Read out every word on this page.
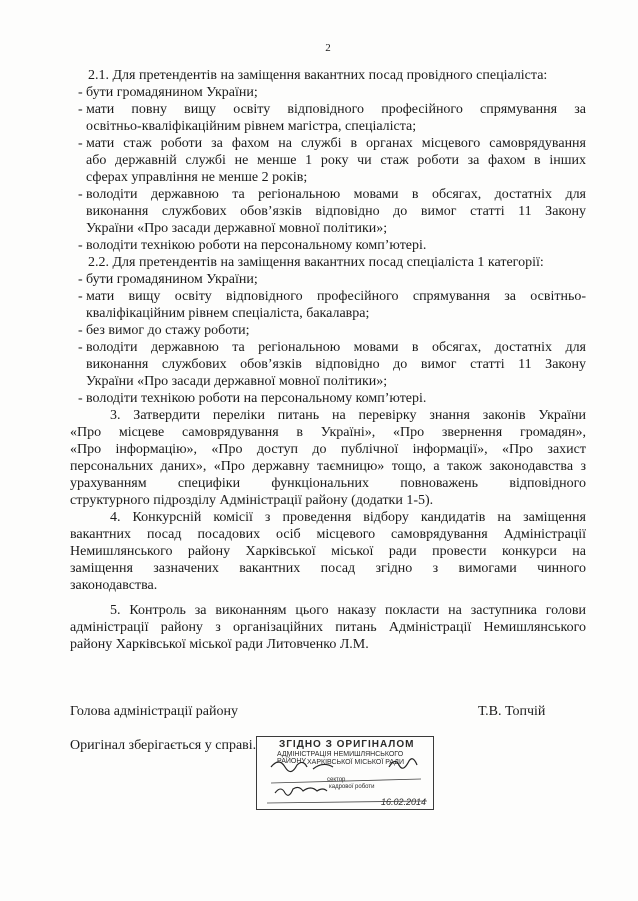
2
2.1. Для претендентів на заміщення вакантних посад провідного спеціаліста:
- бути громадянином України;
- мати повну вищу освіту відповідного професійного спрямування за
освітньо-кваліфікаційним рівнем магістра, спеціаліста;
- мати стаж роботи за фахом на службі в органах місцевого самоврядування
або державній службі не менше 1 року чи стаж роботи за фахом в інших
сферах управління не менше 2 років;
- володіти державною та регіональною мовами в обсягах, достатніх для
виконання службових обов’язків відповідно до вимог статті 11 Закону
України «Про засади державної мовної політики»;
- володіти технікою роботи на персональному комп’ютері.
2.2. Для претендентів на заміщення вакантних посад спеціаліста 1 категорії:
- бути громадянином України;
- мати вищу освіту відповідного професійного спрямування за освітньо-
кваліфікаційним рівнем спеціаліста, бакалавра;
- без вимог до стажу роботи;
- володіти державною та регіональною мовами в обсягах, достатніх для
виконання службових обов’язків відповідно до вимог статті 11 Закону
України «Про засади державної мовної політики»;
- володіти технікою роботи на персональному комп’ютері.
3. Затвердити переліки питань на перевірку знання законів України
«Про місцеве самоврядування в Україні», «Про звернення громадян»,
«Про інформацію», «Про доступ до публічної інформації», «Про захист
персональних даних», «Про державну таємницю» тощо, а також законодавства з
урахуванням специфіки функціональних повноважень відповідного
структурного підрозділу Адміністрації району (додатки 1-5).
4. Конкурсній комісії з проведення відбору кандидатів на заміщення
вакантних посад посадових осіб місцевого самоврядування Адміністрації
Немишлянського району Харківської міської ради провести конкурси на
заміщення зазначених вакантних посад згідно з вимогами чинного
законодавства.
5. Контроль за виконанням цього наказу покласти на заступника голови
адміністрації району з організаційних питань Адміністрації Немишлянського
району Харківської міської ради Литовченко Л.М.
Голова адміністрації району	Т.В. Топчій
Оригінал зберігається у справі. ЗГІДНО З ОРИГІНАЛОМ
АДМІНІСТРАЦІЯ НЕМИШЛЯНСЬКОГО РАЙОНУ ХАРКІВСЬКОЇ МІСЬКОЇ РАДИ
сектор
кадрової роботи
16.02.2014
